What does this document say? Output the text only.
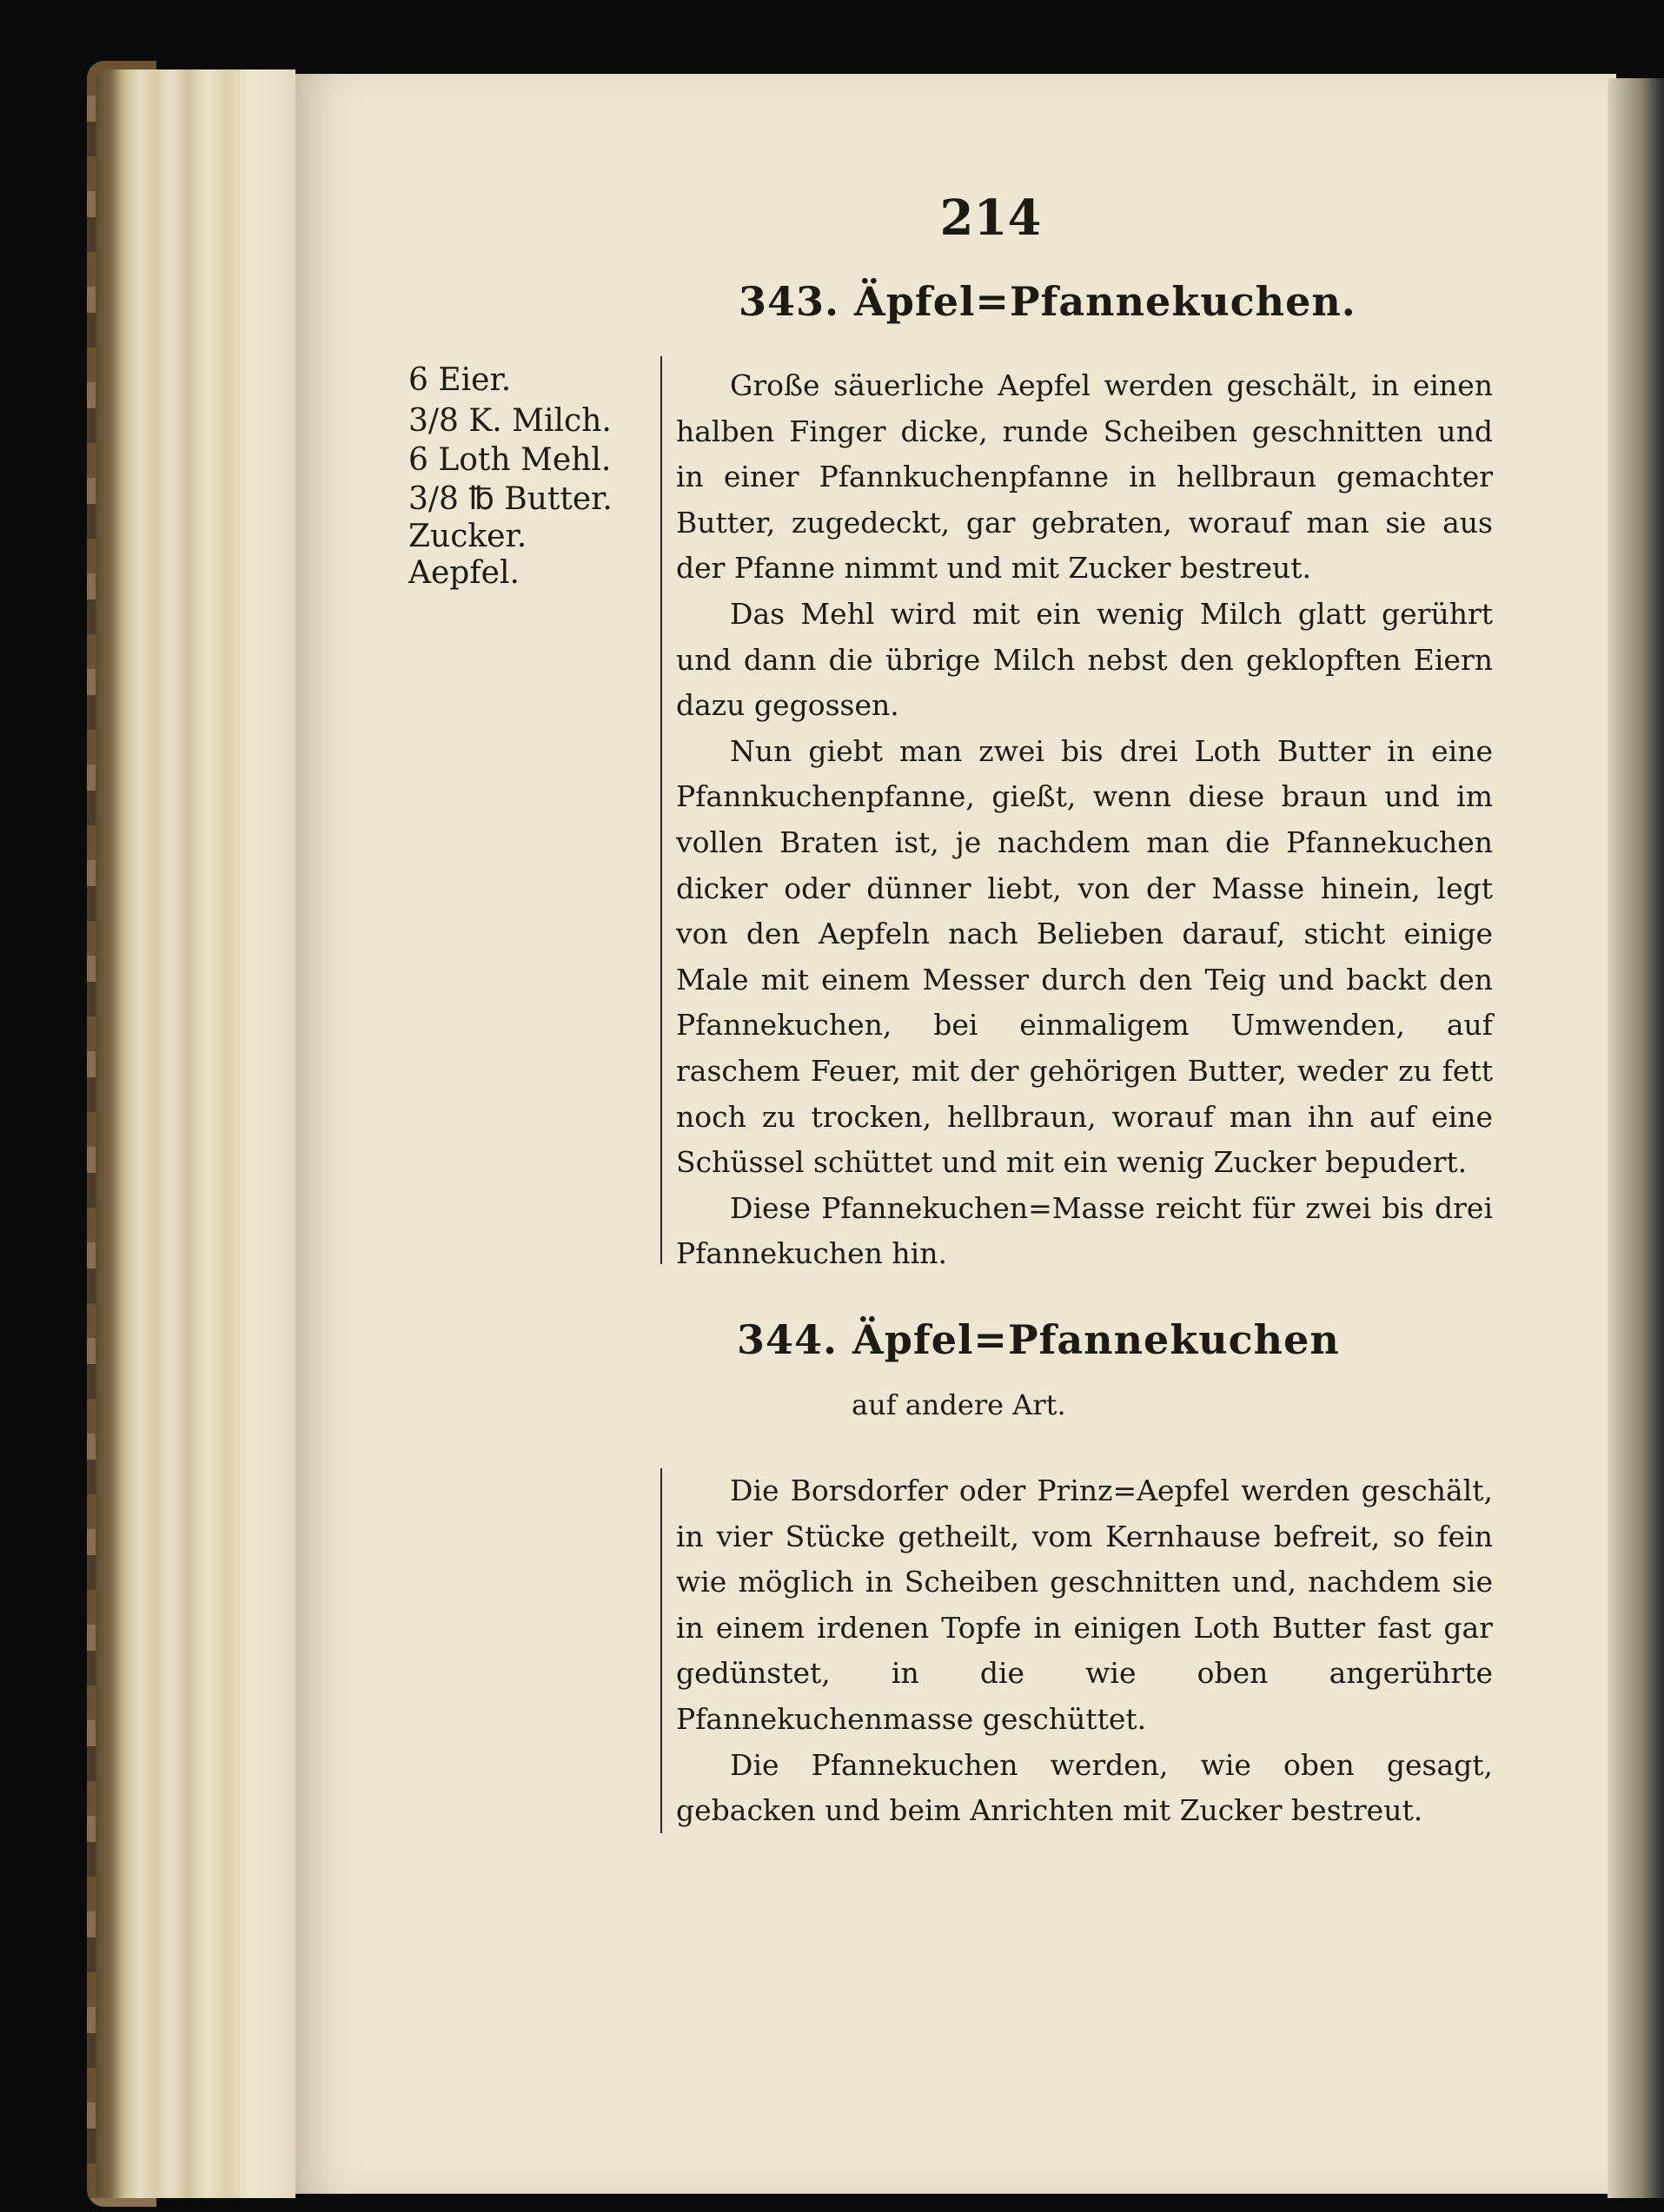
214
343. Äpfel=Pfannekuchen.
6 Eier.
3/8 K. Milch.
6 Loth Mehl.
3/8 ℔ Butter.
Zucker.
Aepfel.

Große säuerliche Aepfel werden geschält, in einen halben Finger dicke, runde Scheiben geschnitten und in einer Pfannkuchenpfanne in hellbraun gemachter Butter, zugedeckt, gar gebraten, worauf man sie aus der Pfanne nimmt und mit Zucker bestreut.

Das Mehl wird mit ein wenig Milch glatt gerührt und dann die übrige Milch nebst den geklopften Eiern dazu gegossen.

Nun giebt man zwei bis drei Loth Butter in eine Pfannkuchenpfanne, gießt, wenn diese braun und im vollen Braten ist, je nachdem man die Pfannekuchen dicker oder dünner liebt, von der Masse hinein, legt von den Aepfeln nach Belieben darauf, sticht einige Male mit einem Messer durch den Teig und backt den Pfannekuchen, bei einmaligem Umwenden, auf raschem Feuer, mit der gehörigen Butter, weder zu fett noch zu trocken, hellbraun, worauf man ihn auf eine Schüssel schüttet und mit ein wenig Zucker bepudert.

Diese Pfannekuchen=Masse reicht für zwei bis drei Pfannekuchen hin.

344. Äpfel=Pfannekuchen
auf andere Art.

Die Borsdorfer oder Prinz=Aepfel werden geschält, in vier Stücke getheilt, vom Kernhause befreit, so fein wie möglich in Scheiben geschnitten und, nachdem sie in einem irdenen Topfe in einigen Loth Butter fast gar gedünstet, in die wie oben angerührte Pfannekuchenmasse geschüttet.

Die Pfannekuchen werden, wie oben gesagt, gebacken und beim Anrichten mit Zucker bestreut.
